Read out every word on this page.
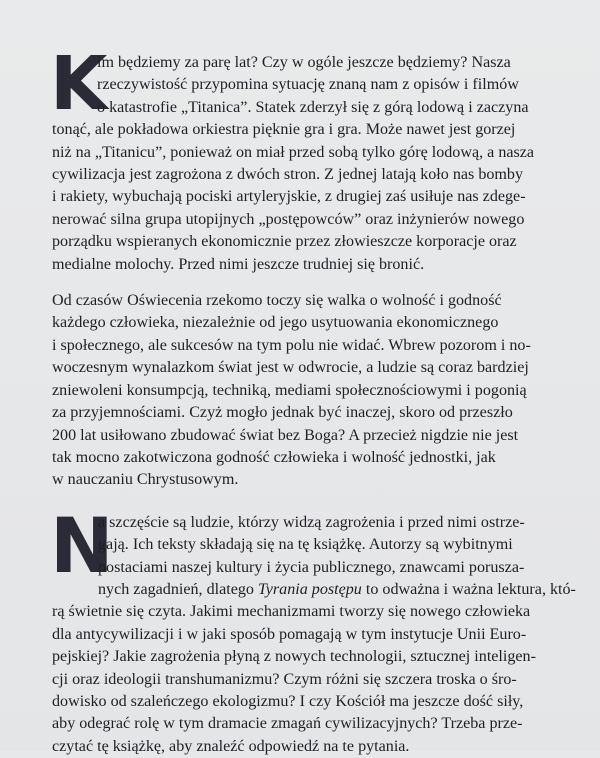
K
im będziemy za parę lat? Czy w ogóle jeszcze będziemy? Nasza
rzeczywistość przypomina sytuację znaną nam z opisów i filmów
o katastrofie „Titanica”. Statek zderzył się z górą lodową i zaczyna
tonąć, ale pokładowa orkiestra pięknie gra i gra. Może nawet jest gorzej
niż na „Titanicu”, ponieważ on miał przed sobą tylko górę lodową, a nasza
cywilizacja jest zagrożona z dwóch stron. Z jednej latają koło nas bomby
i rakiety, wybuchają pociski artyleryjskie, z drugiej zaś usiłuje nas zdege-
nerować silna grupa utopijnych „postępowców” oraz inżynierów nowego
porządku wspieranych ekonomicznie przez złowieszcze korporacje oraz
medialne molochy. Przed nimi jeszcze trudniej się bronić.
Od czasów Oświecenia rzekomo toczy się walka o wolność i godność
każdego człowieka, niezależnie od jego usytuowania ekonomicznego
i społecznego, ale sukcesów na tym polu nie widać. Wbrew pozorom i no-
woczesnym wynalazkom świat jest w odwrocie, a ludzie są coraz bardziej
zniewoleni konsumpcją, techniką, mediami społecznościowymi i pogonią
za przyjemnościami. Czyż mogło jednak być inaczej, skoro od przeszło
200 lat usiłowano zbudować świat bez Boga? A przecież nigdzie nie jest
tak mocno zakotwiczona godność człowieka i wolność jednostki, jak
w nauczaniu Chrystusowym.
N
a szczęście są ludzie, którzy widzą zagrożenia i przed nimi ostrze-
gają. Ich teksty składają się na tę książkę. Autorzy są wybitnymi
postaciami naszej kultury i życia publicznego, znawcami porusza-
nych zagadnień, dlatego Tyrania postępu to odważna i ważna lektura, któ-
rą świetnie się czyta. Jakimi mechanizmami tworzy się nowego człowieka
dla antycywilizacji i w jaki sposób pomagają w tym instytucje Unii Euro-
pejskiej? Jakie zagrożenia płyną z nowych technologii, sztucznej inteligen-
cji oraz ideologii transhumanizmu? Czym różni się szczera troska o śro-
dowisko od szaleńczego ekologizmu? I czy Kościół ma jeszcze dość siły,
aby odegrać rolę w tym dramacie zmagań cywilizacyjnych? Trzeba prze-
czytać tę książkę, aby znaleźć odpowiedź na te pytania.
